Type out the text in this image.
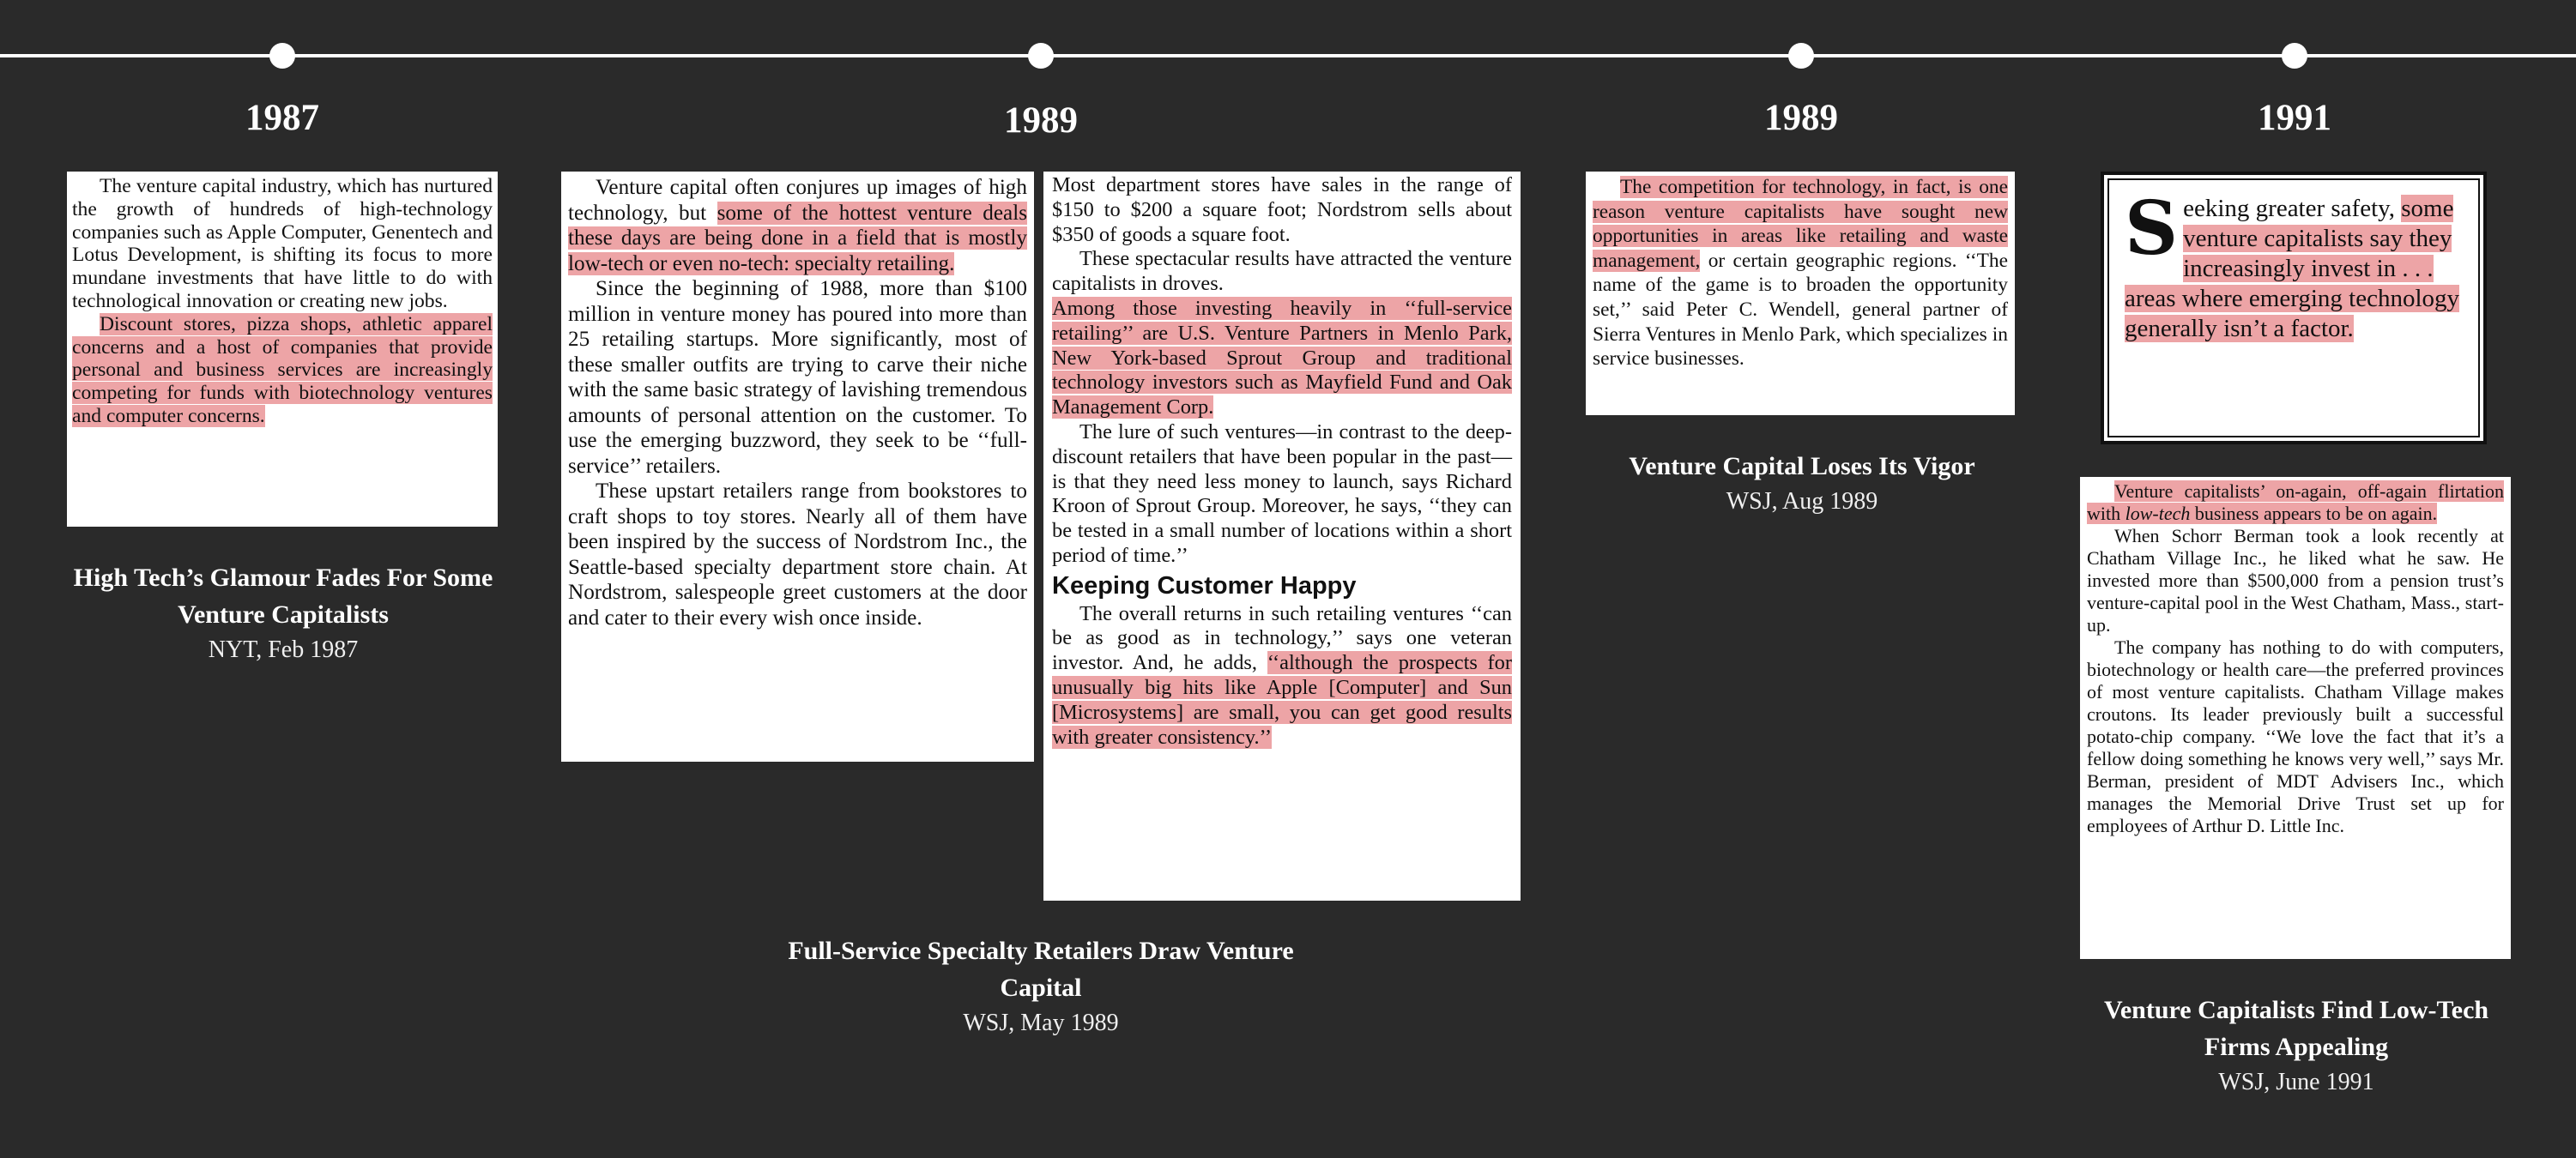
1987	1989	1989	1991

The venture capital industry, which has nurtured the growth of hundreds of high-technology companies such as Apple Computer, Genentech and Lotus Development, is shifting its focus to more mundane investments that have little to do with technological innovation or creating new jobs.

Discount stores, pizza shops, athletic apparel concerns and a host of companies that provide personal and business services are increasingly competing for funds with biotechnology ventures and computer concerns.

High Tech’s Glamour Fades For Some Venture Capitalists
NYT, Feb 1987

Venture capital often conjures up images of high technology, but some of the hottest venture deals these days are being done in a field that is mostly low-tech or even no-tech: specialty retailing.

Since the beginning of 1988, more than $100 million in venture money has poured into more than 25 retailing startups. More significantly, most of these smaller outfits are trying to carve their niche with the same basic strategy of lavishing tremendous amounts of personal attention on the customer. To use the emerging buzzword, they seek to be ‘‘full-service’’ retailers.

These upstart retailers range from bookstores to craft shops to toy stores. Nearly all of them have been inspired by the success of Nordstrom Inc., the Seattle-based specialty department store chain. At Nordstrom, salespeople greet customers at the door and cater to their every wish once inside.

Most department stores have sales in the range of $150 to $200 a square foot; Nordstrom sells about $350 of goods a square foot.

These spectacular results have attracted the venture capitalists in droves.

Among those investing heavily in ‘‘full-service retailing’’ are U.S. Venture Partners in Menlo Park, New York-based Sprout Group and traditional technology investors such as Mayfield Fund and Oak Management Corp.

The lure of such ventures—in contrast to the deep-discount retailers that have been popular in the past—is that they need less money to launch, says Richard Kroon of Sprout Group. Moreover, he says, ‘‘they can be tested in a small number of locations within a short period of time.’’

Keeping Customer Happy

The overall returns in such retailing ventures ‘‘can be as good as in technology,’’ says one veteran investor. And, he adds, ‘‘although the prospects for unusually big hits like Apple [Computer] and Sun [Microsystems] are small, you can get good results with greater consistency.’’

Full-Service Specialty Retailers Draw Venture Capital
WSJ, May 1989

The competition for technology, in fact, is one reason venture capitalists have sought new opportunities in areas like retailing and waste management, or certain geographic regions. ‘‘The name of the game is to broaden the opportunity set,’’ said Peter C. Wendell, general partner of Sierra Ventures in Menlo Park, which specializes in service businesses.

Venture Capital Loses Its Vigor
WSJ, Aug 1989
S eeking greater safety, some venture capitalists say they increasingly invest in . . . areas where emerging technology generally isn’t a factor.

Venture capitalists’ on-again, off-again flirtation with low-tech business appears to be on again.

When Schorr Berman took a look recently at Chatham Village Inc., he liked what he saw. He invested more than $500,000 from a pension trust’s venture-capital pool in the West Chatham, Mass., start-up.

The company has nothing to do with computers, biotechnology or health care—the preferred provinces of most venture capitalists. Chatham Village makes croutons. Its leader previously built a successful potato-chip company. ‘‘We love the fact that it’s a fellow doing something he knows very well,’’ says Mr. Berman, president of MDT Advisers Inc., which manages the Memorial Drive Trust set up for employees of Arthur D. Little Inc.

Venture Capitalists Find Low-Tech Firms Appealing
WSJ, June 1991
